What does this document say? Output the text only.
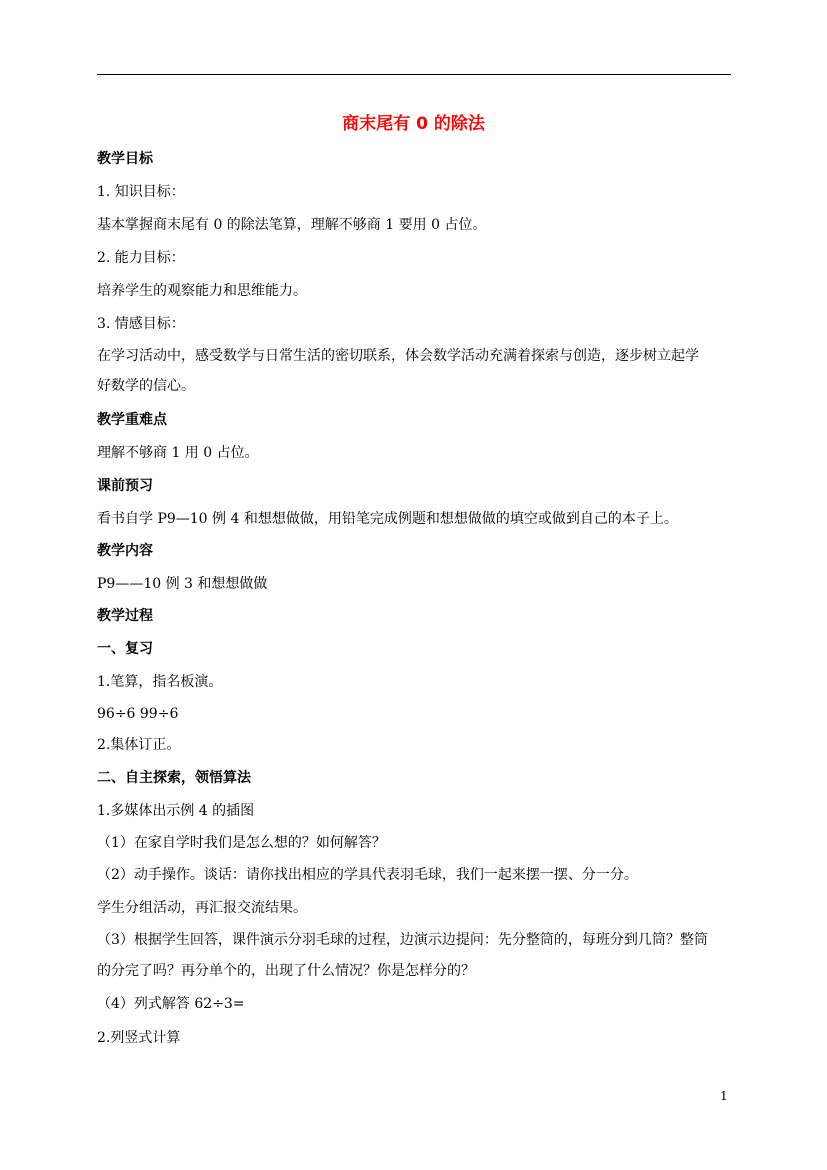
商末尾有 0 的除法
教学目标
1. 知识目标：
基本掌握商末尾有 0 的除法笔算，理解不够商 1 要用 0 占位。
2. 能力目标：
培养学生的观察能力和思维能力。
3. 情感目标：
在学习活动中，感受数学与日常生活的密切联系，体会数学活动充满着探索与创造，逐步树立起学
好数学的信心。
教学重难点
理解不够商 1 用 0 占位。
课前预习
看书自学 P9—10 例 4 和想想做做，用铅笔完成例题和想想做做的填空或做到自己的本子上。
教学内容
P9——10 例 3 和想想做做
教学过程
一、复习
1.笔算，指名板演。
96÷6 99÷6
2.集体订正。
二、自主探索，领悟算法
1.多媒体出示例 4 的插图
（1）在家自学时我们是怎么想的？如何解答？
（2）动手操作。谈话：请你找出相应的学具代表羽毛球，我们一起来摆一摆、分一分。
学生分组活动，再汇报交流结果。
（3）根据学生回答，课件演示分羽毛球的过程，边演示边提问：先分整筒的，每班分到几筒？整筒
的分完了吗？再分单个的，出现了什么情况？你是怎样分的？
（4）列式解答 62÷3=
2.列竖式计算
1
